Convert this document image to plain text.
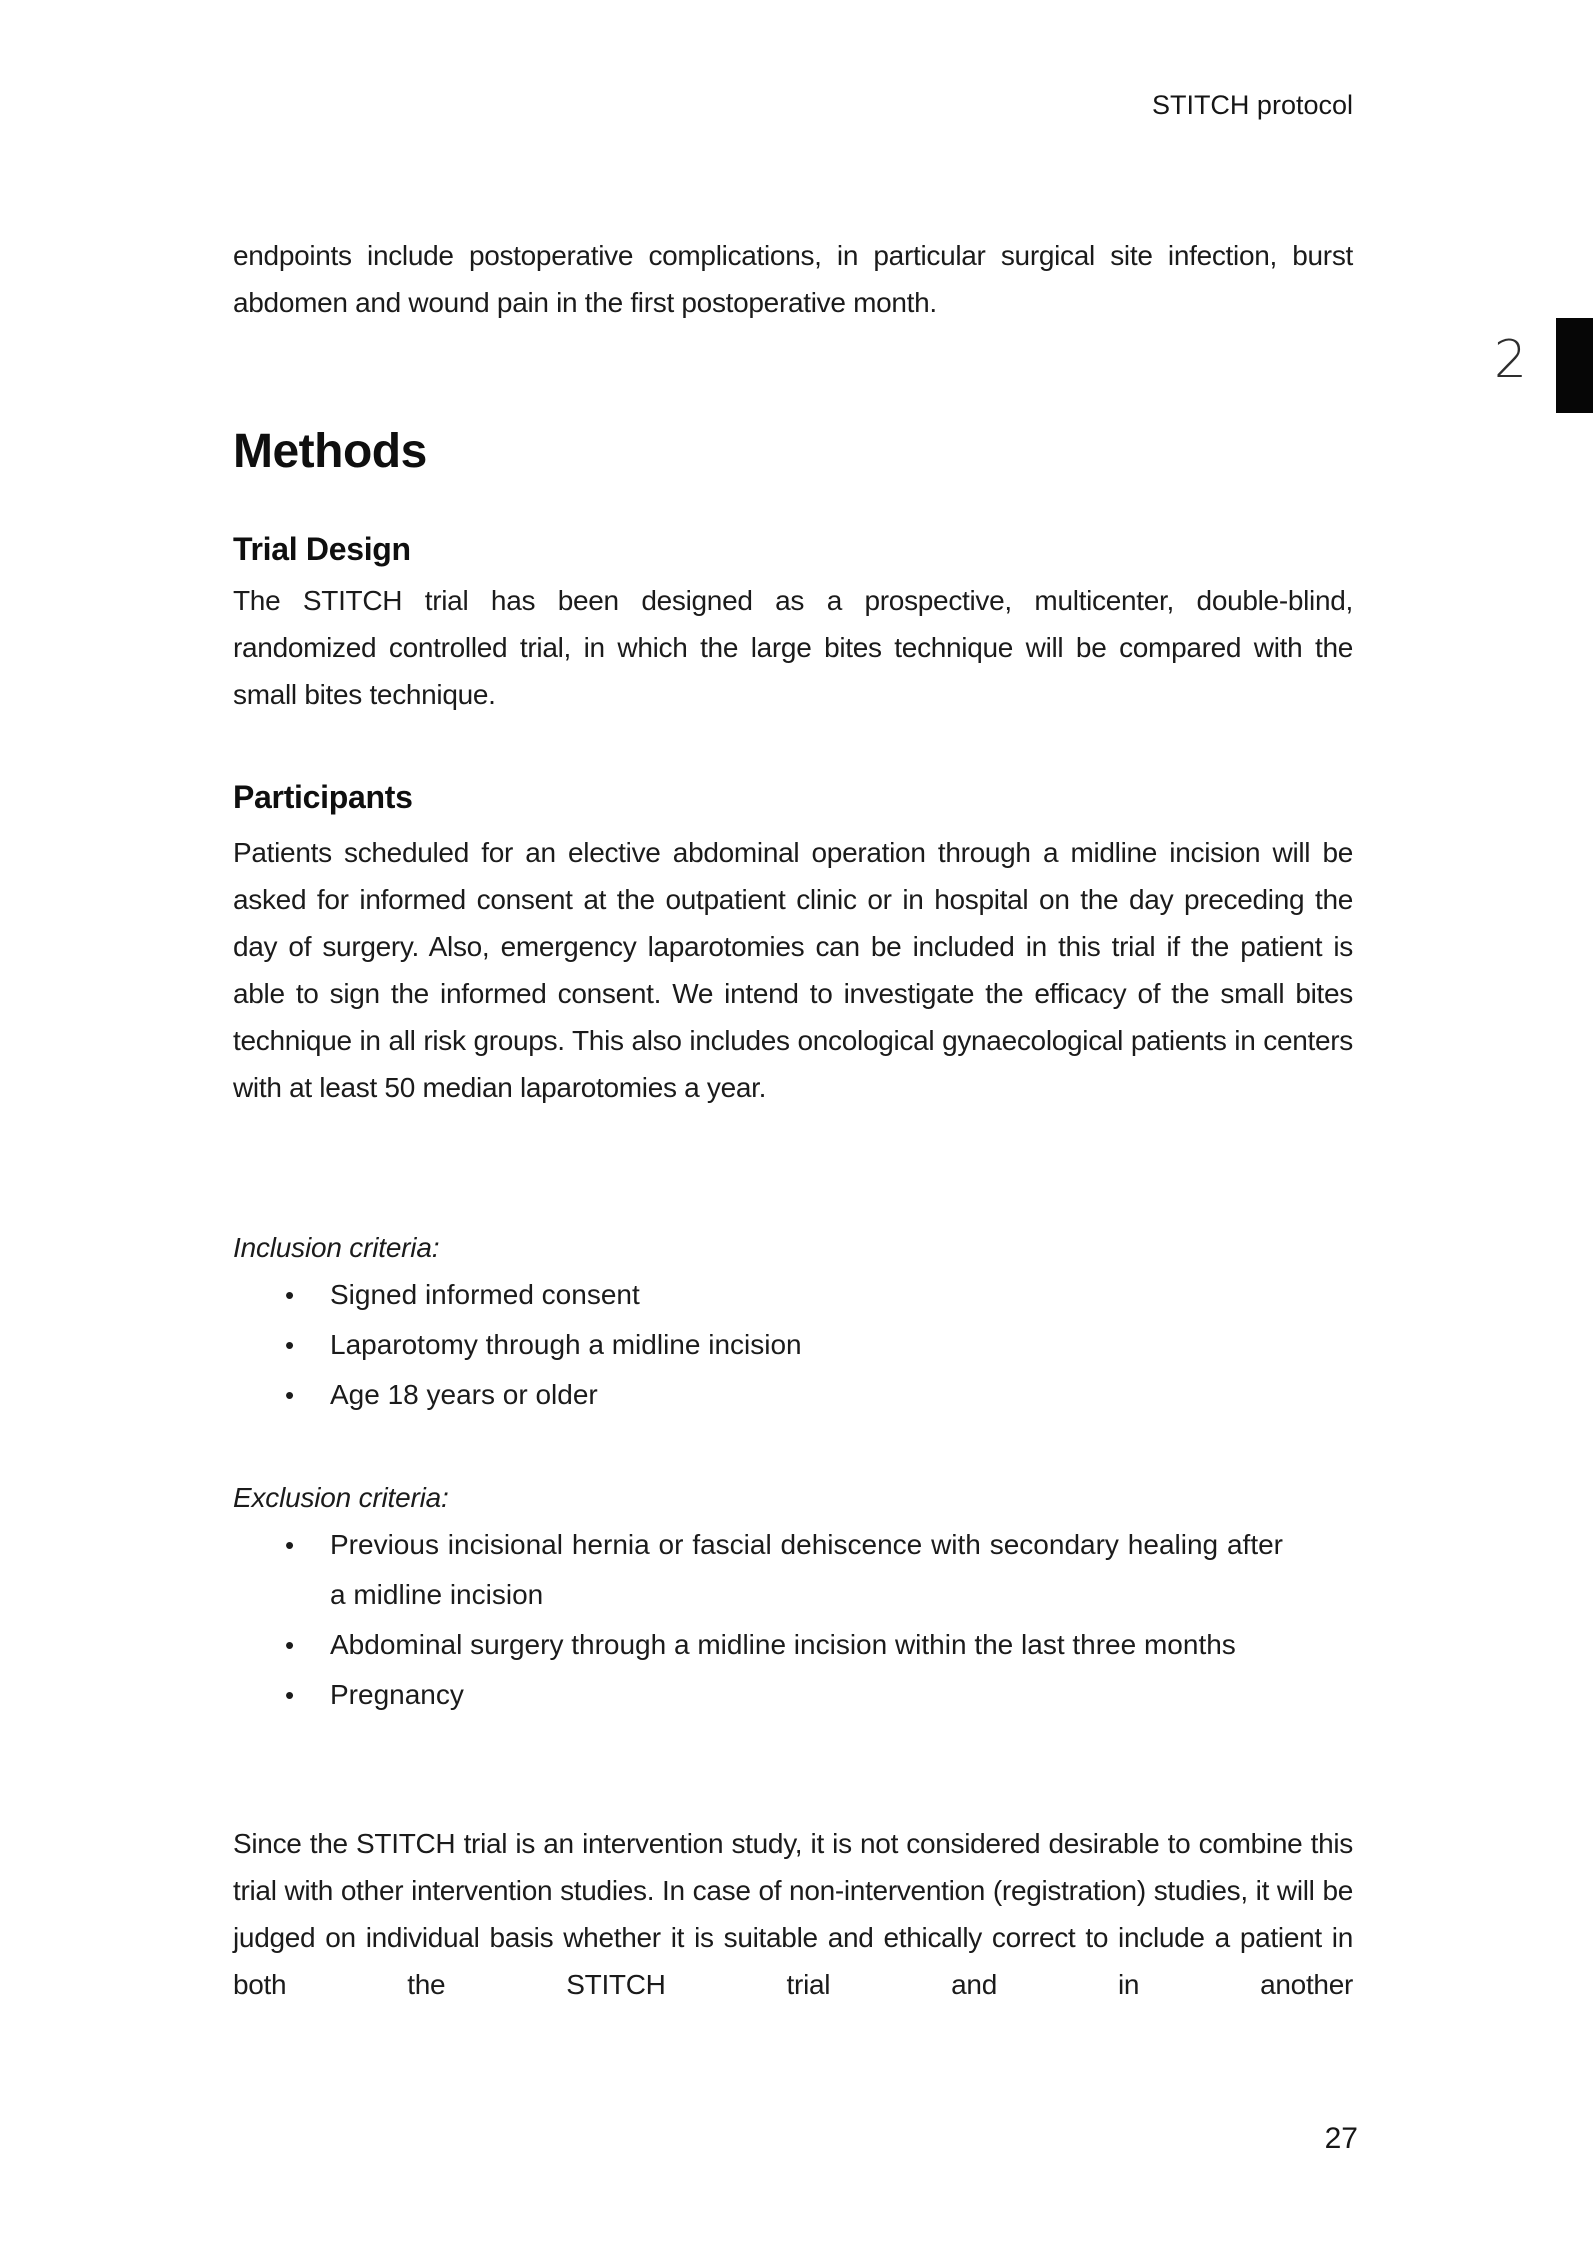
STITCH protocol
2

endpoints include postoperative complications, in particular surgical site infection, burst abdomen and wound pain in the first postoperative month.

Methods
Trial Design

The STITCH trial has been designed as a prospective, multicenter, double-blind, randomized controlled trial, in which the large bites technique will be compared with the small bites technique.

Participants

Patients scheduled for an elective abdominal operation through a midline incision will be asked for informed consent at the outpatient clinic or in hospital on the day preceding the day of surgery. Also, emergency laparotomies can be included in this trial if the patient is able to sign the informed consent. We intend to investigate the efficacy of the small bites technique in all risk groups. This also includes oncological gynaecological patients in centers with at least 50 median laparotomies a year.

Inclusion criteria:
• Signed informed consent
• Laparotomy through a midline incision
• Age 18 years or older
Exclusion criteria:
• Previous incisional hernia or fascial dehiscence with secondary healing after a midline incision
• Abdominal surgery through a midline incision within the last three months
• Pregnancy

Since the STITCH trial is an intervention study, it is not considered desirable to combine this trial with other intervention studies. In case of non-intervention (registration) studies, it will be judged on individual basis whether it is suitable and ethically correct to include a patient in both the STITCH trial and in another

27
